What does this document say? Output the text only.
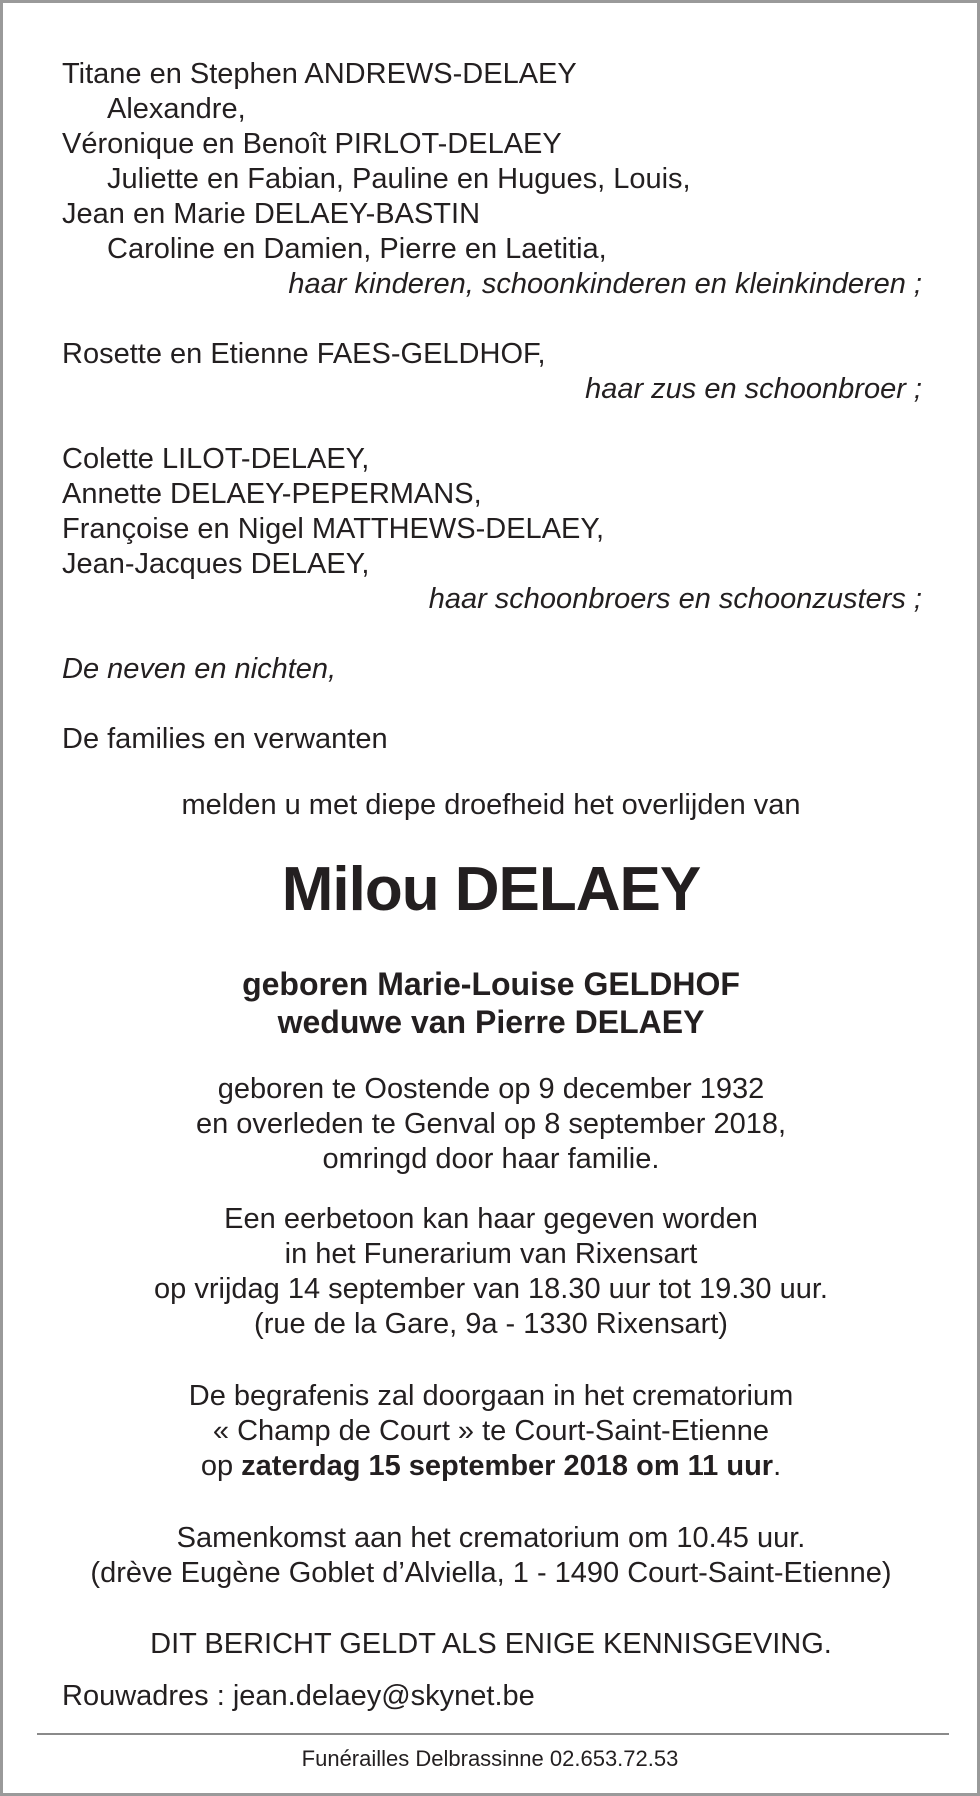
Titane en Stephen ANDREWS-DELAEY
Alexandre,
Véronique en Benoît PIRLOT-DELAEY
Juliette en Fabian, Pauline en Hugues, Louis,
Jean en Marie DELAEY-BASTIN
Caroline en Damien, Pierre en Laetitia,
haar kinderen, schoonkinderen en kleinkinderen ;
Rosette en Etienne FAES-GELDHOF,
haar zus en schoonbroer ;
Colette LILOT-DELAEY,
Annette DELAEY-PEPERMANS,
Françoise en Nigel MATTHEWS-DELAEY,
Jean-Jacques DELAEY,
haar schoonbroers en schoonzusters ;
De neven en nichten,
De families en verwanten
melden u met diepe droefheid het overlijden van
Milou DELAEY
geboren Marie-Louise GELDHOF
weduwe van Pierre DELAEY
geboren te Oostende op 9 december 1932
en overleden te Genval op 8 september 2018,
omringd door haar familie.
Een eerbetoon kan haar gegeven worden
in het Funerarium van Rixensart
op vrijdag 14 september van 18.30 uur tot 19.30 uur.
(rue de la Gare, 9a - 1330 Rixensart)
De begrafenis zal doorgaan in het crematorium
« Champ de Court » te Court-Saint-Etienne
op zaterdag 15 september 2018 om 11 uur.
Samenkomst aan het crematorium om 10.45 uur.
(drève Eugène Goblet d’Alviella, 1 - 1490 Court-Saint-Etienne)
DIT BERICHT GELDT ALS ENIGE KENNISGEVING.
Rouwadres : jean.delaey@skynet.be
Funérailles Delbrassinne 02.653.72.53
